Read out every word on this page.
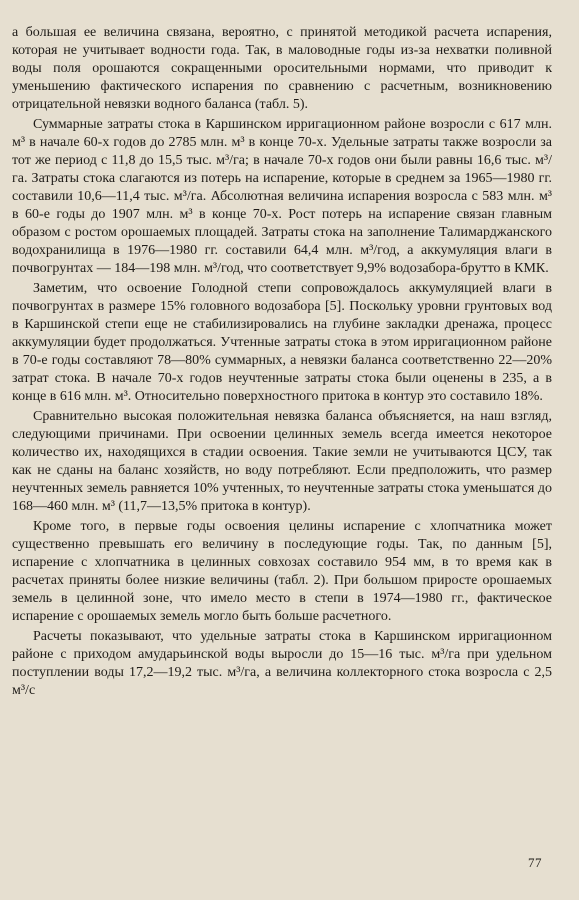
а большая ее величина связана, вероятно, с принятой методикой расчета испарения, которая не учитывает водности года. Так, в маловодные годы из-за нехватки поливной воды поля орошаются сокращенными оросительными нормами, что приводит к уменьшению фактического испарения по сравнению с расчетным, возникновению отрицательной невязки водного баланса (табл. 5).

Суммарные затраты стока в Каршинском ирригационном районе возросли с 617 млн. м³ в начале 60-х годов до 2785 млн. м³ в конце 70-х. Удельные затраты также возросли за тот же период с 11,8 до 15,5 тыс. м³/га; в начале 70-х годов они были равны 16,6 тыс. м³/га. Затраты стока слагаются из потерь на испарение, которые в среднем за 1965—1980 гг. составили 10,6—11,4 тыс. м³/га. Абсолютная величина испарения возросла с 583 млн. м³ в 60-е годы до 1907 млн. м³ в конце 70-х. Рост потерь на испарение связан главным образом с ростом орошаемых площадей. Затраты стока на заполнение Талимарджанского водохранилища в 1976—1980 гг. составили 64,4 млн. м³/год, а аккумуляция влаги в почвогрунтах — 184—198 млн. м³/год, что соответствует 9,9% водозабора-брутто в КМК.

Заметим, что освоение Голодной степи сопровождалось аккумуляцией влаги в почвогрунтах в размере 15% головного водозабора [5]. Поскольку уровни грунтовых вод в Каршинской степи еще не стабилизировались на глубине закладки дренажа, процесс аккумуляции будет продолжаться. Учтенные затраты стока в этом ирригационном районе в 70-е годы составляют 78—80% суммарных, а невязки баланса соответственно 22—20% затрат стока. В начале 70-х годов неучтенные затраты стока были оценены в 235, а в конце в 616 млн. м³. Относительно поверхностного притока в контур это составило 18%.

Сравнительно высокая положительная невязка баланса объясняется, на наш взгляд, следующими причинами. При освоении целинных земель всегда имеется некоторое количество их, находящихся в стадии освоения. Такие земли не учитываются ЦСУ, так как не сданы на баланс хозяйств, но воду потребляют. Если предположить, что размер неучтенных земель равняется 10% учтенных, то неучтенные затраты стока уменьшатся до 168—460 млн. м³ (11,7—13,5% притока в контур).

Кроме того, в первые годы освоения целины испарение с хлопчатника может существенно превышать его величину в последующие годы. Так, по данным [5], испарение с хлопчатника в целинных совхозах составило 954 мм, в то время как в расчетах приняты более низкие величины (табл. 2). При большом приросте орошаемых земель в целинной зоне, что имело место в степи в 1974—1980 гг., фактическое испарение с орошаемых земель могло быть больше расчетного.

Расчеты показывают, что удельные затраты стока в Каршинском ирригационном районе с приходом амударьинской воды выросли до 15—16 тыс. м³/га при удельном поступлении воды 17,2—19,2 тыс. м³/га, а величина коллекторного стока возросла с 2,5 м³/с

77
